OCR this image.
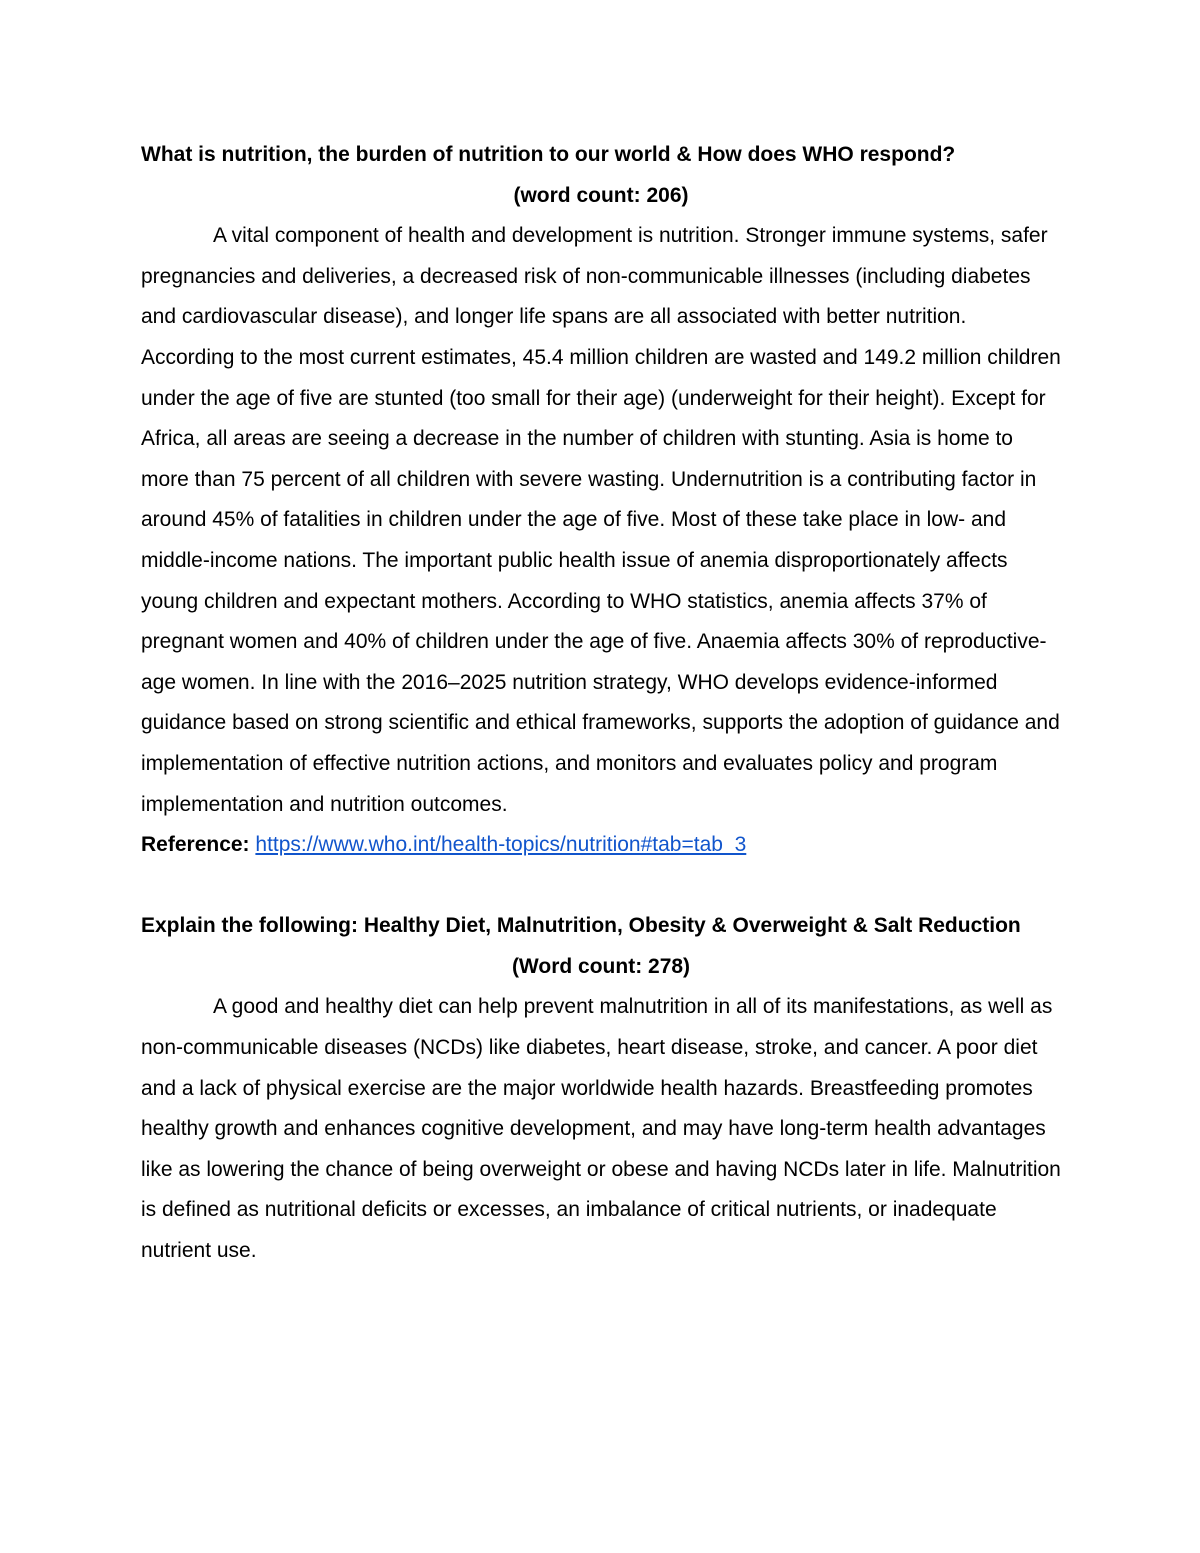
What is nutrition, the burden of nutrition to our world & How does WHO respond?

(word count: 206)

A vital component of health and development is nutrition. Stronger immune systems, safer pregnancies and deliveries, a decreased risk of non-communicable illnesses (including diabetes and cardiovascular disease), and longer life spans are all associated with better nutrition. According to the most current estimates, 45.4 million children are wasted and 149.2 million children under the age of five are stunted (too small for their age) (underweight for their height). Except for Africa, all areas are seeing a decrease in the number of children with stunting. Asia is home to more than 75 percent of all children with severe wasting. Undernutrition is a contributing factor in around 45% of fatalities in children under the age of five. Most of these take place in low- and middle-income nations. The important public health issue of anemia disproportionately affects young children and expectant mothers. According to WHO statistics, anemia affects 37% of pregnant women and 40% of children under the age of five. Anaemia affects 30% of reproductive-age women. In line with the 2016–2025 nutrition strategy, WHO develops evidence-informed guidance based on strong scientific and ethical frameworks, supports the adoption of guidance and implementation of effective nutrition actions, and monitors and evaluates policy and program implementation and nutrition outcomes.

Reference: https://www.who.int/health-topics/nutrition#tab=tab_3

Explain the following: Healthy Diet, Malnutrition, Obesity & Overweight & Salt Reduction

(Word count: 278)

A good and healthy diet can help prevent malnutrition in all of its manifestations, as well as non-communicable diseases (NCDs) like diabetes, heart disease, stroke, and cancer. A poor diet and a lack of physical exercise are the major worldwide health hazards. Breastfeeding promotes healthy growth and enhances cognitive development, and may have long-term health advantages like as lowering the chance of being overweight or obese and having NCDs later in life. Malnutrition is defined as nutritional deficits or excesses, an imbalance of critical nutrients, or inadequate nutrient use.
